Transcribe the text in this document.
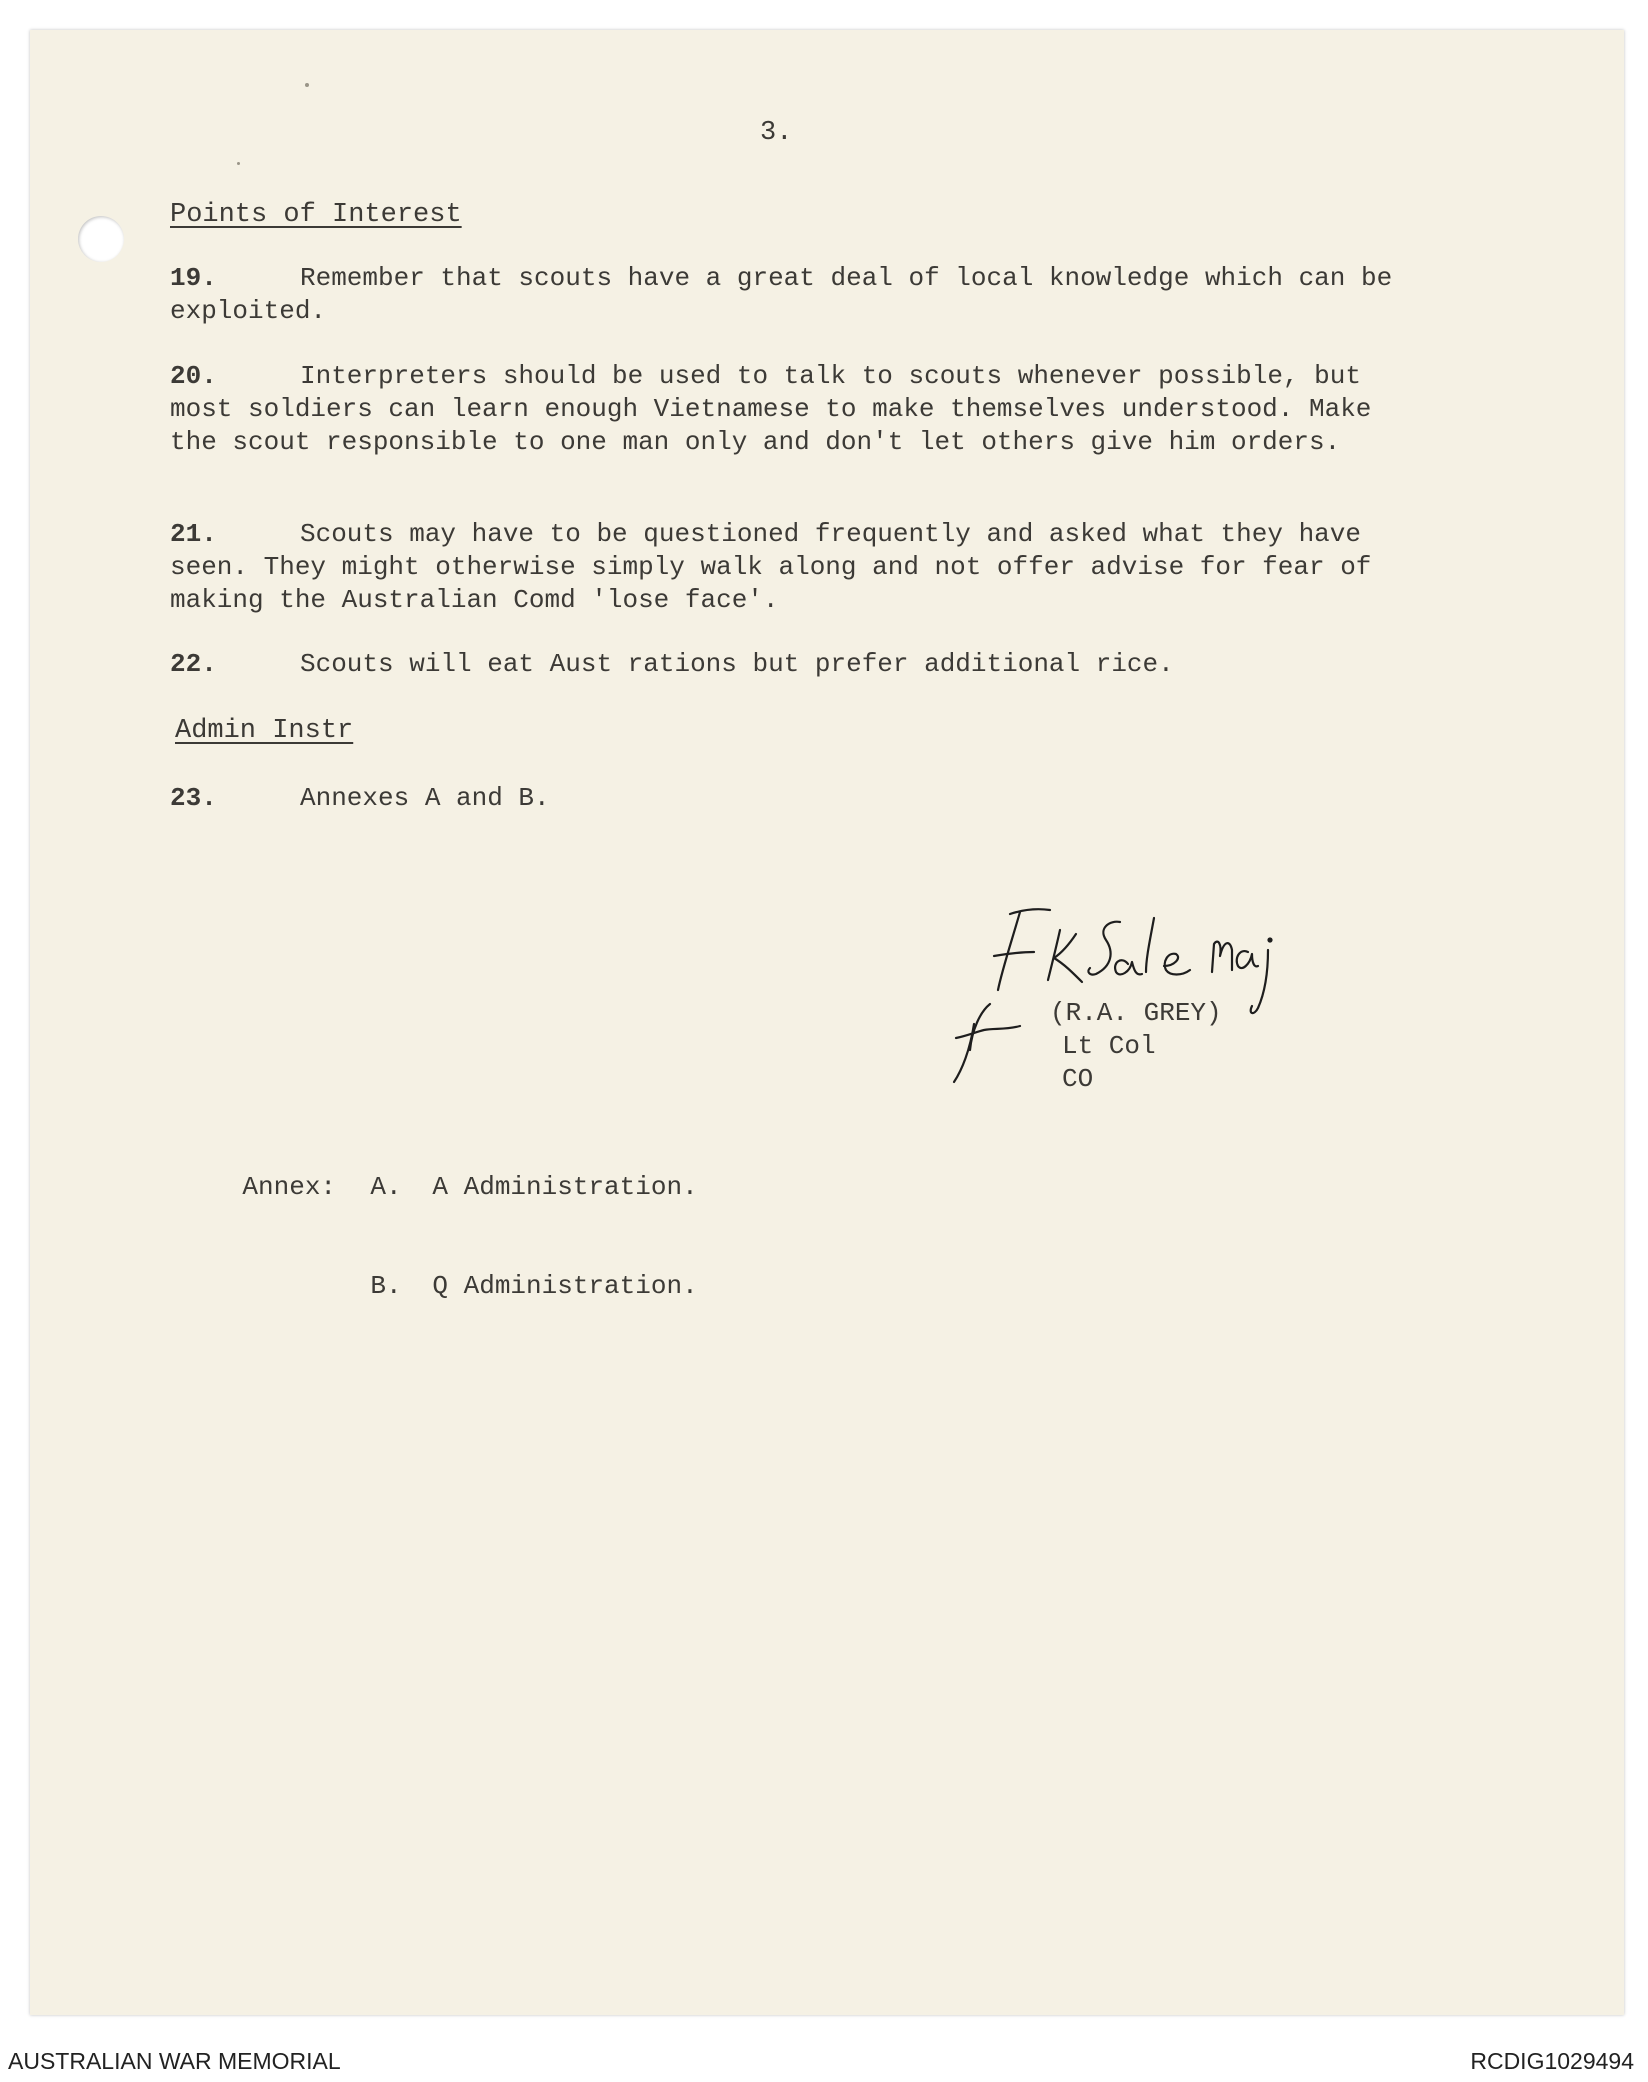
3.
Points of Interest
19.	Remember that scouts have a great deal of local knowledge which can be exploited.
20.	Interpreters should be used to talk to scouts whenever possible, but most soldiers can learn enough Vietnamese to make themselves understood. Make the scout responsible to one man only and don't let others give him orders.
21.	Scouts may have to be questioned frequently and asked what they have seen. They might otherwise simply walk along and not offer advise for fear of making the Australian Comd 'lose face'.
22.	Scouts will eat Aust rations but prefer additional rice.
Admin Instr
23.	Annexes A and B.
(R.A. GREY)
Lt Col
CO

Annex: A. A Administration.

B. Q Administration.

AUSTRALIAN WAR MEMORIAL	RCDIG1029494
